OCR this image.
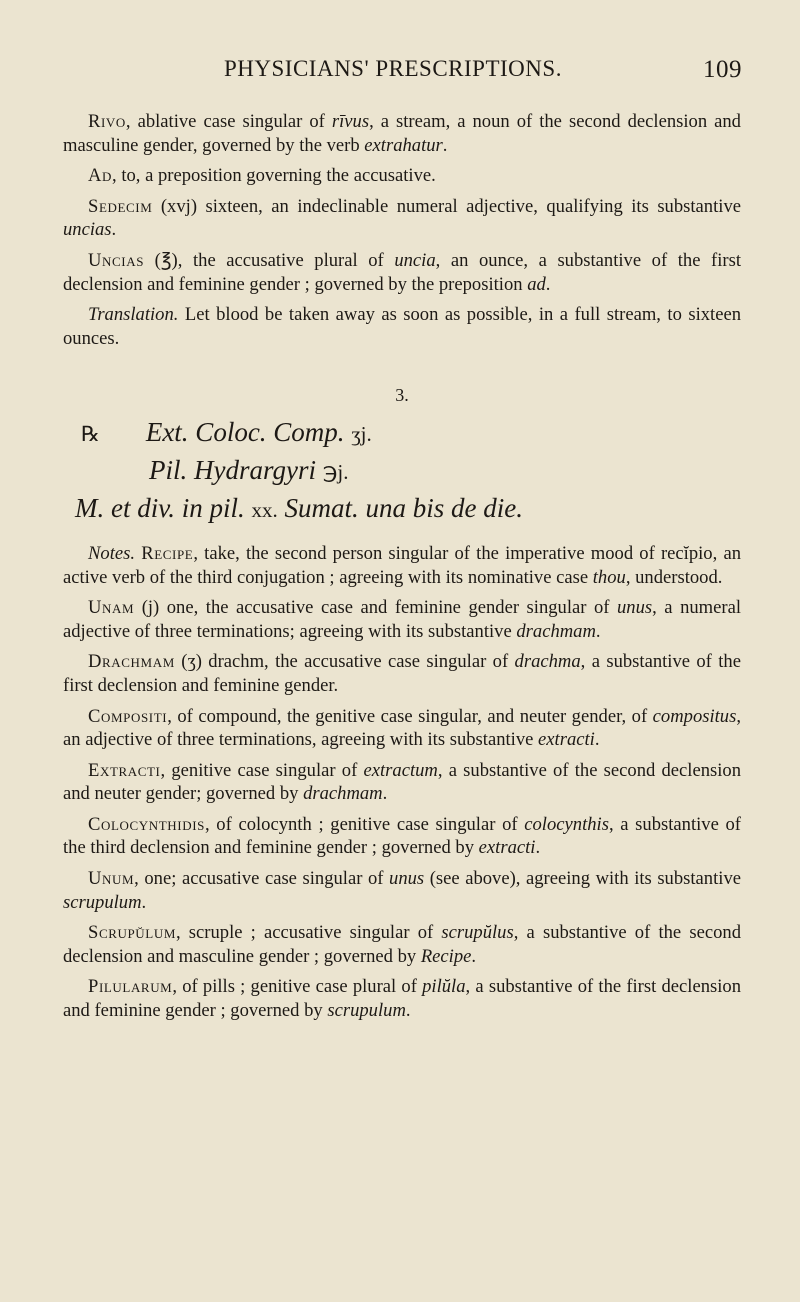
PHYSICIANS' PRESCRIPTIONS.	109

Rivo, ablative case singular of rīvus, a stream, a noun of the second declension and masculine gender, governed by the verb extrahatur.

Ad, to, a preposition governing the accusative.

Sedecim (xvj) sixteen, an indeclinable numeral adjective, qualifying its substantive uncias.

Uncias (℥), the accusative plural of uncia, an ounce, a substantive of the first declension and feminine gender ; governed by the preposition ad.

Translation. Let blood be taken away as soon as possible, in a full stream, to sixteen ounces.

3.
℞ Ext. Coloc. Comp. ʒj.
Pil. Hydrargyri ℈j.
M. et div. in pil. xx. Sumat. una bis de die.

Notes. Recipe, take, the second person singular of the imperative mood of recĭpio, an active verb of the third conjugation ; agreeing with its nominative case thou, understood.

Unam (j) one, the accusative case and feminine gender singular of unus, a numeral adjective of three terminations; agreeing with its substantive drachmam.

Drachmam (ʒ) drachm, the accusative case singular of drachma, a substantive of the first declension and feminine gender.

Compositi, of compound, the genitive case singular, and neuter gender, of compositus, an adjective of three terminations, agreeing with its substantive extracti.

Extracti, genitive case singular of extractum, a substantive of the second declension and neuter gender; governed by drachmam.

Colocynthidis, of colocynth ; genitive case singular of colocynthis, a substantive of the third declension and feminine gender ; governed by extracti.

Unum, one; accusative case singular of unus (see above), agreeing with its substantive scrupulum.

Scrupŭlum, scruple ; accusative singular of scrupŭlus, a substantive of the second declension and masculine gender ; governed by Recipe.

Pilularum, of pills ; genitive case plural of pilŭla, a substantive of the first declension and feminine gender ; governed by scrupulum.
